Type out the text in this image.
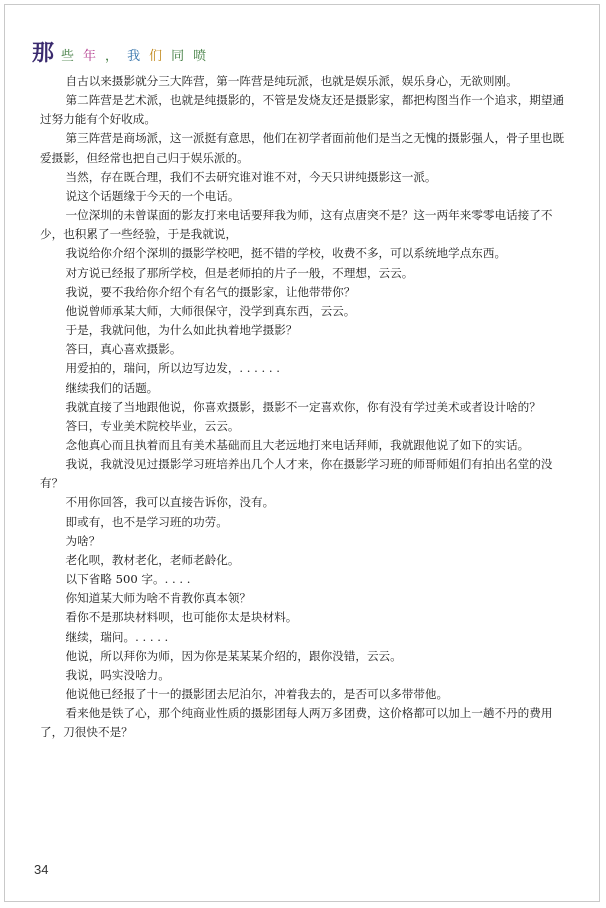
那 些年，我们同喷

自古以来摄影就分三大阵营，第一阵营是纯玩派，也就是娱乐派，娱乐身心，无欲则刚。

第二阵营是艺术派，也就是纯摄影的，不管是发烧友还是摄影家，都把构图当作一个追求，期望通过努力能有个好收成。

第三阵营是商场派，这一派挺有意思，他们在初学者面前他们是当之无愧的摄影强人，骨子里也既爱摄影，但经常也把自己归于娱乐派的。

当然，存在既合理，我们不去研究谁对谁不对，今天只讲纯摄影这一派。

说这个话题缘于今天的一个电话。

一位深圳的未曾谋面的影友打来电话要拜我为师，这有点唐突不是？这一两年来零零电话接了不少，也积累了一些经验，于是我就说，

我说给你介绍个深圳的摄影学校吧，挺不错的学校，收费不多，可以系统地学点东西。

对方说已经报了那所学校，但是老师拍的片子一般，不理想，云云。

我说，要不我给你介绍个有名气的摄影家，让他带带你？

他说曾师承某大师，大师很保守，没学到真东西，云云。

于是，我就问他，为什么如此执着地学摄影？

答曰，真心喜欢摄影。

用爱拍的，瑞问，所以边写边发，. . . . . .

继续我们的话题。

我就直接了当地跟他说，你喜欢摄影，摄影不一定喜欢你，你有没有学过美术或者设计啥的？

答曰，专业美术院校毕业，云云。

念他真心而且执着而且有美术基础而且大老远地打来电话拜师，我就跟他说了如下的实话。

我说，我就没见过摄影学习班培养出几个人才来，你在摄影学习班的师哥师姐们有拍出名堂的没有？

不用你回答，我可以直接告诉你，没有。

即或有，也不是学习班的功劳。

为啥？

老化呗，教材老化，老师老龄化。

以下省略 500 字。. . . .

你知道某大师为啥不肯教你真本领？

看你不是那块材料呗，也可能你太是块材料。

继续，瑞问。. . . . .

他说，所以拜你为师，因为你是某某某介绍的，跟你没错，云云。

我说，吗实没啥力。

他说他已经报了十一的摄影团去尼泊尔，冲着我去的，是否可以多带带他。

看来他是铁了心，那个纯商业性质的摄影团每人两万多团费，这价格都可以加上一趟不丹的费用了，刀很快不是？

34
